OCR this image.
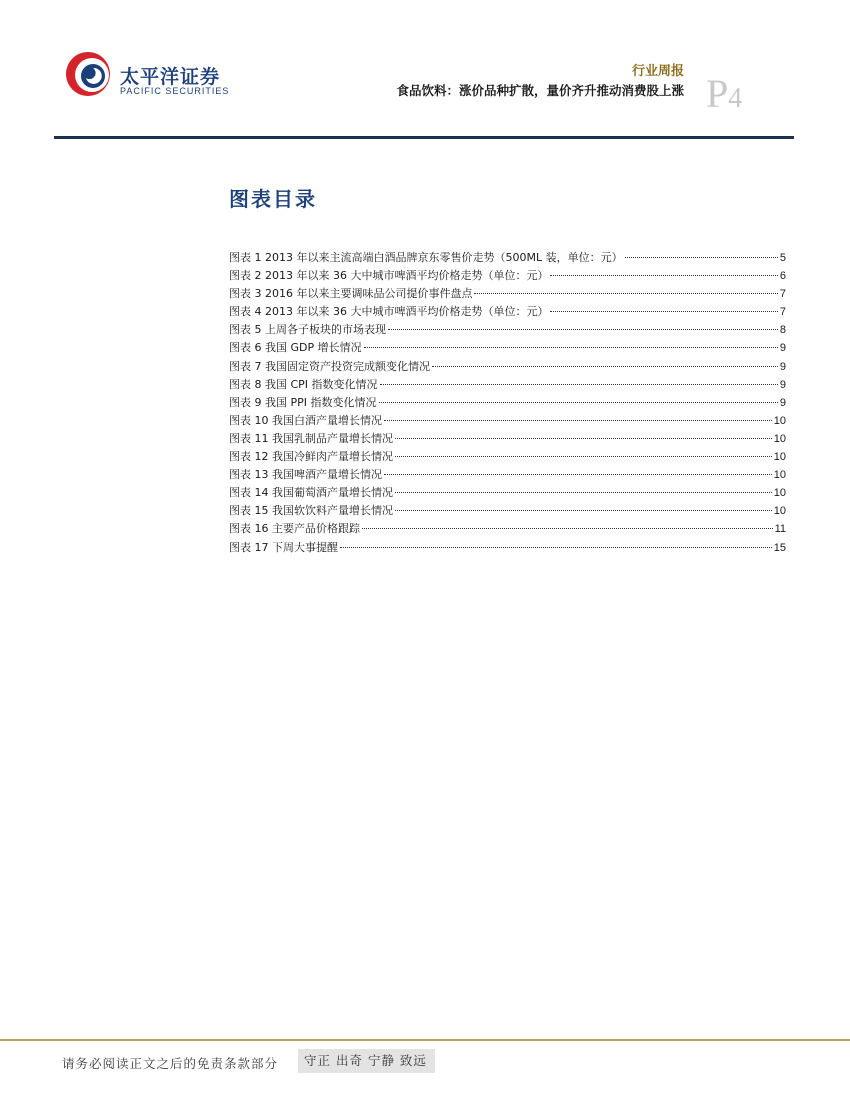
太平洋证券
PACIFIC SECURITIES
行业周报
食品饮料：涨价品种扩散，量价齐升推动消费股上涨 P4
图表目录
图表 1 2013 年以来主流高端白酒品牌京东零售价走势（500ML 装，单位：元）	5
图表 2 2013 年以来 36 大中城市啤酒平均价格走势（单位：元）	6
图表 3 2016 年以来主要调味品公司提价事件盘点	7
图表 4 2013 年以来 36 大中城市啤酒平均价格走势（单位：元）	7
图表 5 上周各子板块的市场表现	8
图表 6 我国 GDP 增长情况	9
图表 7 我国固定资产投资完成额变化情况	9
图表 8 我国 CPI 指数变化情况	9
图表 9 我国 PPI 指数变化情况	9
图表 10 我国白酒产量增长情况	10
图表 11 我国乳制品产量增长情况	10
图表 12 我国冷鲜肉产量增长情况	10
图表 13 我国啤酒产量增长情况	10
图表 14 我国葡萄酒产量增长情况	10
图表 15 我国软饮料产量增长情况	10
图表 16 主要产品价格跟踪	11
图表 17 下周大事提醒	15
请务必阅读正文之后的免责条款部分	守正 出奇 宁静 致远
